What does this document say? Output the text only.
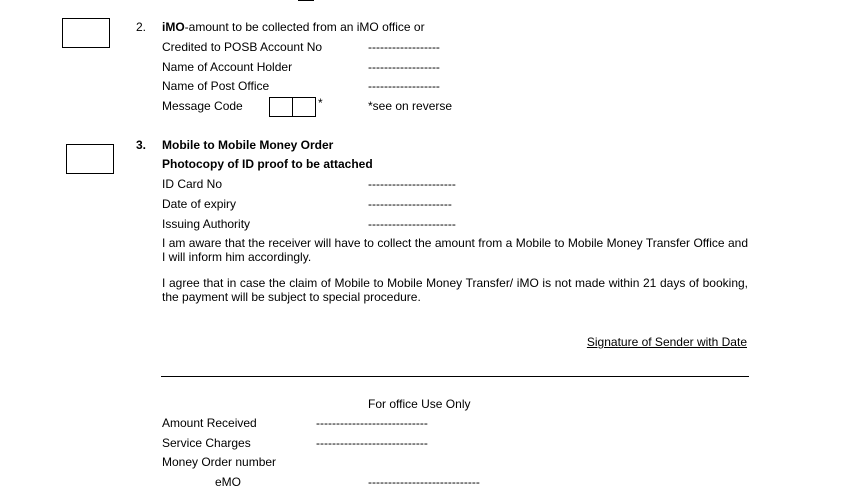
2. iMO-amount to be collected from an iMO office or
Credited to POSB Account No	------------------
Name of Account Holder	------------------
Name of Post Office	------------------
Message Code	*	*see on reverse
3. Mobile to Mobile Money Order
Photocopy of ID proof to be attached
ID Card No	----------------------
Date of expiry	---------------------
Issuing Authority	----------------------
I am aware that the receiver will have to collect the amount from a Mobile to Mobile Money Transfer Office and I will inform him accordingly.
I agree that in case the claim of Mobile to Mobile Money Transfer/ iMO is not made within 21 days of booking, the payment will be subject to special procedure.
Signature of Sender with Date
For office Use Only
Amount Received	----------------------------
Service Charges	----------------------------
Money Order number
eMO	----------------------------
